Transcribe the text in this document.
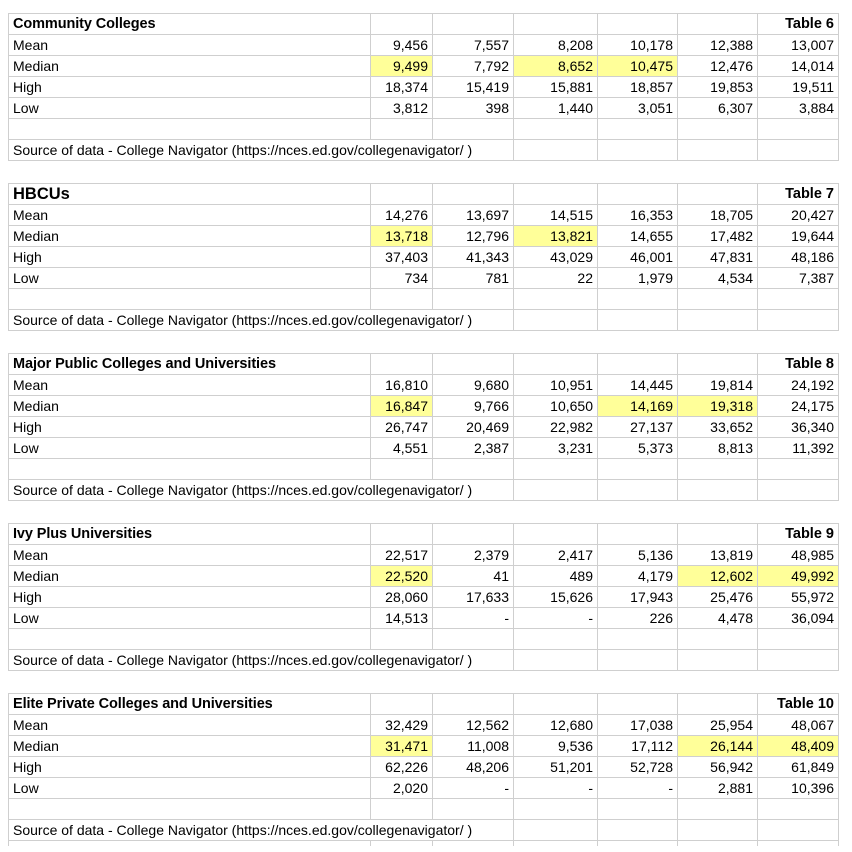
Community Colleges						Table 6
Mean	9,456	7,557	8,208	10,178	12,388	13,007
Median	9,499	7,792	8,652	10,475	12,476	14,014
High	18,374	15,419	15,881	18,857	19,853	19,511
Low	3,812	398	1,440	3,051	6,307	3,884

Source of data - College Navigator (https://nces.ed.gov/collegenavigator/ )						
HBCUs						Table 7
Mean	14,276	13,697	14,515	16,353	18,705	20,427
Median	13,718	12,796	13,821	14,655	17,482	19,644
High	37,403	41,343	43,029	46,001	47,831	48,186
Low	734	781	22	1,979	4,534	7,387

Source of data - College Navigator (https://nces.ed.gov/collegenavigator/ )						
Major Public Colleges and Universities						Table 8
Mean	16,810	9,680	10,951	14,445	19,814	24,192
Median	16,847	9,766	10,650	14,169	19,318	24,175
High	26,747	20,469	22,982	27,137	33,652	36,340
Low	4,551	2,387	3,231	5,373	8,813	11,392

Source of data - College Navigator (https://nces.ed.gov/collegenavigator/ )						
Ivy Plus Universities						Table 9
Mean	22,517	2,379	2,417	5,136	13,819	48,985
Median	22,520	41	489	4,179	12,602	49,992
High	28,060	17,633	15,626	17,943	25,476	55,972
Low	14,513	-	-	226	4,478	36,094

Source of data - College Navigator (https://nces.ed.gov/collegenavigator/ )						
Elite Private Colleges and Universities						Table 10
Mean	32,429	12,562	12,680	17,038	25,954	48,067
Median	31,471	11,008	9,536	17,112	26,144	48,409
High	62,226	48,206	51,201	52,728	56,942	61,849
Low	2,020	-	-	-	2,881	10,396

Source of data - College Navigator (https://nces.ed.gov/collegenavigator/ )						
